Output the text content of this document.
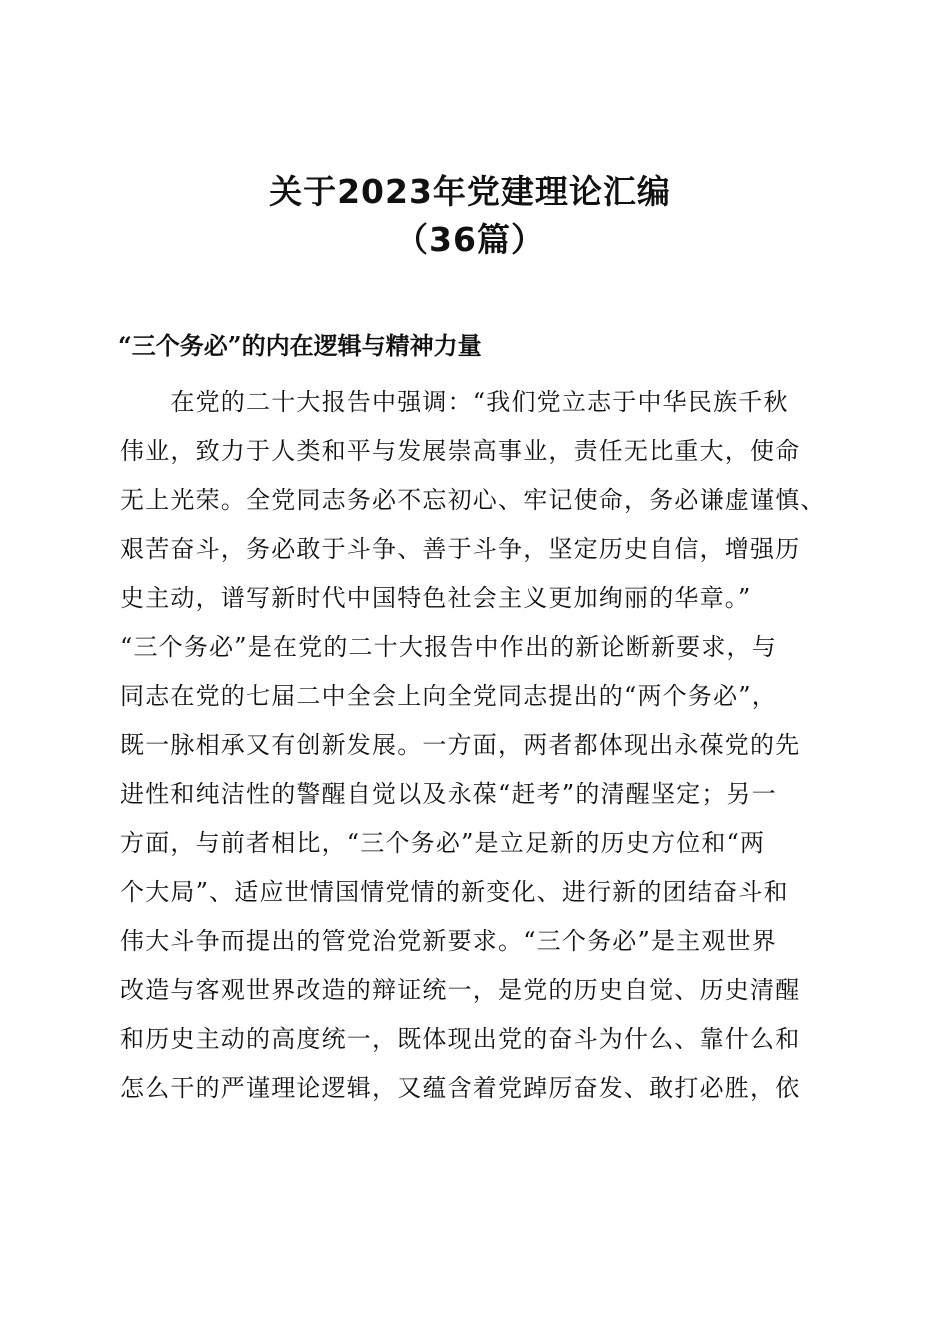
关于2023年党建理论汇编
（36篇）
“三个务必”的内在逻辑与精神力量
　　在党的二十大报告中强调：“我们党立志于中华民族千秋
伟业，致力于人类和平与发展崇高事业，责任无比重大，使命
无上光荣。全党同志务必不忘初心、牢记使命，务必谦虚谨慎、
艰苦奋斗，务必敢于斗争、善于斗争，坚定历史自信，增强历
史主动，谱写新时代中国特色社会主义更加绚丽的华章。”
“三个务必”是在党的二十大报告中作出的新论断新要求，与
同志在党的七届二中全会上向全党同志提出的“两个务必”，
既一脉相承又有创新发展。一方面，两者都体现出永葆党的先
进性和纯洁性的警醒自觉以及永葆“赶考”的清醒坚定；另一
方面，与前者相比，“三个务必”是立足新的历史方位和“两
个大局”、适应世情国情党情的新变化、进行新的团结奋斗和
伟大斗争而提出的管党治党新要求。“三个务必”是主观世界
改造与客观世界改造的辩证统一，是党的历史自觉、历史清醒
和历史主动的高度统一，既体现出党的奋斗为什么、靠什么和
怎么干的严谨理论逻辑，又蕴含着党踔厉奋发、敢打必胜，依
